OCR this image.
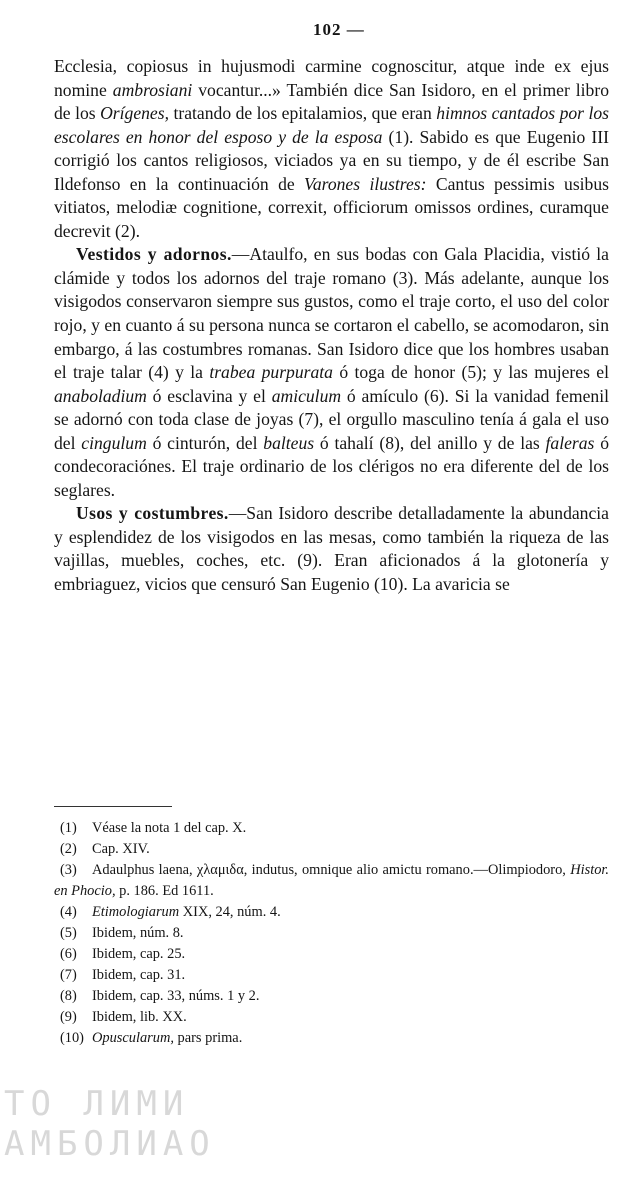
102 —

Ecclesia, copiosus in hujusmodi carmine cognoscitur, atque inde ex ejus nomine ambrosiani vocantur...» También dice San Isidoro, en el primer libro de los Orígenes, tratando de los epitalamios, que eran himnos cantados por los escolares en honor del esposo y de la esposa (1). Sabido es que Eugenio III corrigió los cantos religiosos, viciados ya en su tiempo, y de él escribe San Ildefonso en la continuación de Varones ilustres: Cantus pessimis usibus vitiatos, melodiæ cognitione, correxit, officiorum omissos ordines, curamque decrevit (2).

Vestidos y adornos.—Ataulfo, en sus bodas con Gala Placidia, vistió la clámide y todos los adornos del traje romano (3). Más adelante, aunque los visigodos conservaron siempre sus gustos, como el traje corto, el uso del color rojo, y en cuanto á su persona nunca se cortaron el cabello, se acomodaron, sin embargo, á las costumbres romanas. San Isidoro dice que los hombres usaban el traje talar (4) y la trabea purpurata ó toga de honor (5); y las mujeres el anaboladium ó esclavina y el amiculum ó amículo (6). Si la vanidad femenil se adornó con toda clase de joyas (7), el orgullo masculino tenía á gala el uso del cingulum ó cinturón, del balteus ó tahalí (8), del anillo y de las faleras ó condecoraciónes. El traje ordinario de los clérigos no era diferente del de los seglares.

Usos y costumbres.—San Isidoro describe detalladamente la abundancia y esplendidez de los visigodos en las mesas, como también la riqueza de las vajillas, muebles, coches, etc. (9). Eran aficionados á la glotonería y embriaguez, vicios que censuró San Eugenio (10). La avaricia se

(1) Véase la nota 1 del cap. X.
(2) Cap. XIV.
(3) Adaulphus laena, χλαμιδα, indutus, omnique alio amictu romano.—Olimpiodoro, Histor. en Phocio, p. 186. Ed 1611.
(4) Etimologiarum XIX, 24, núm. 4.
(5) Ibidem, núm. 8.
(6) Ibidem, cap. 25.
(7) Ibidem, cap. 31.
(8) Ibidem, cap. 33, núms. 1 y 2.
(9) Ibidem, lib. XX.
(10) Opuscularum, pars prima.
ТО ЛИМИ
АМБОЛИАО
